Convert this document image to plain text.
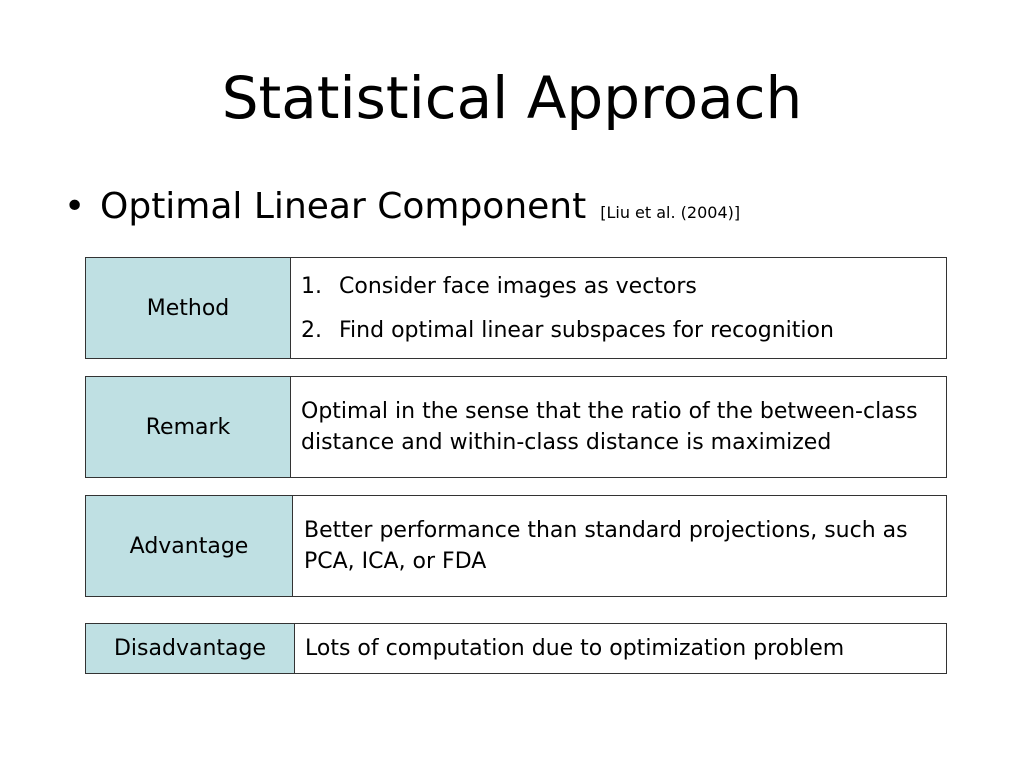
Statistical Approach
• Optimal Linear Component [Liu et al. (2004)]
Method
1. Consider face images as vectors
2. Find optimal linear subspaces for recognition
Remark
Optimal in the sense that the ratio of the between-class distance and within-class distance is maximized
Advantage
Better performance than standard projections, such as PCA, ICA, or FDA
Disadvantage	Lots of computation due to optimization problem
